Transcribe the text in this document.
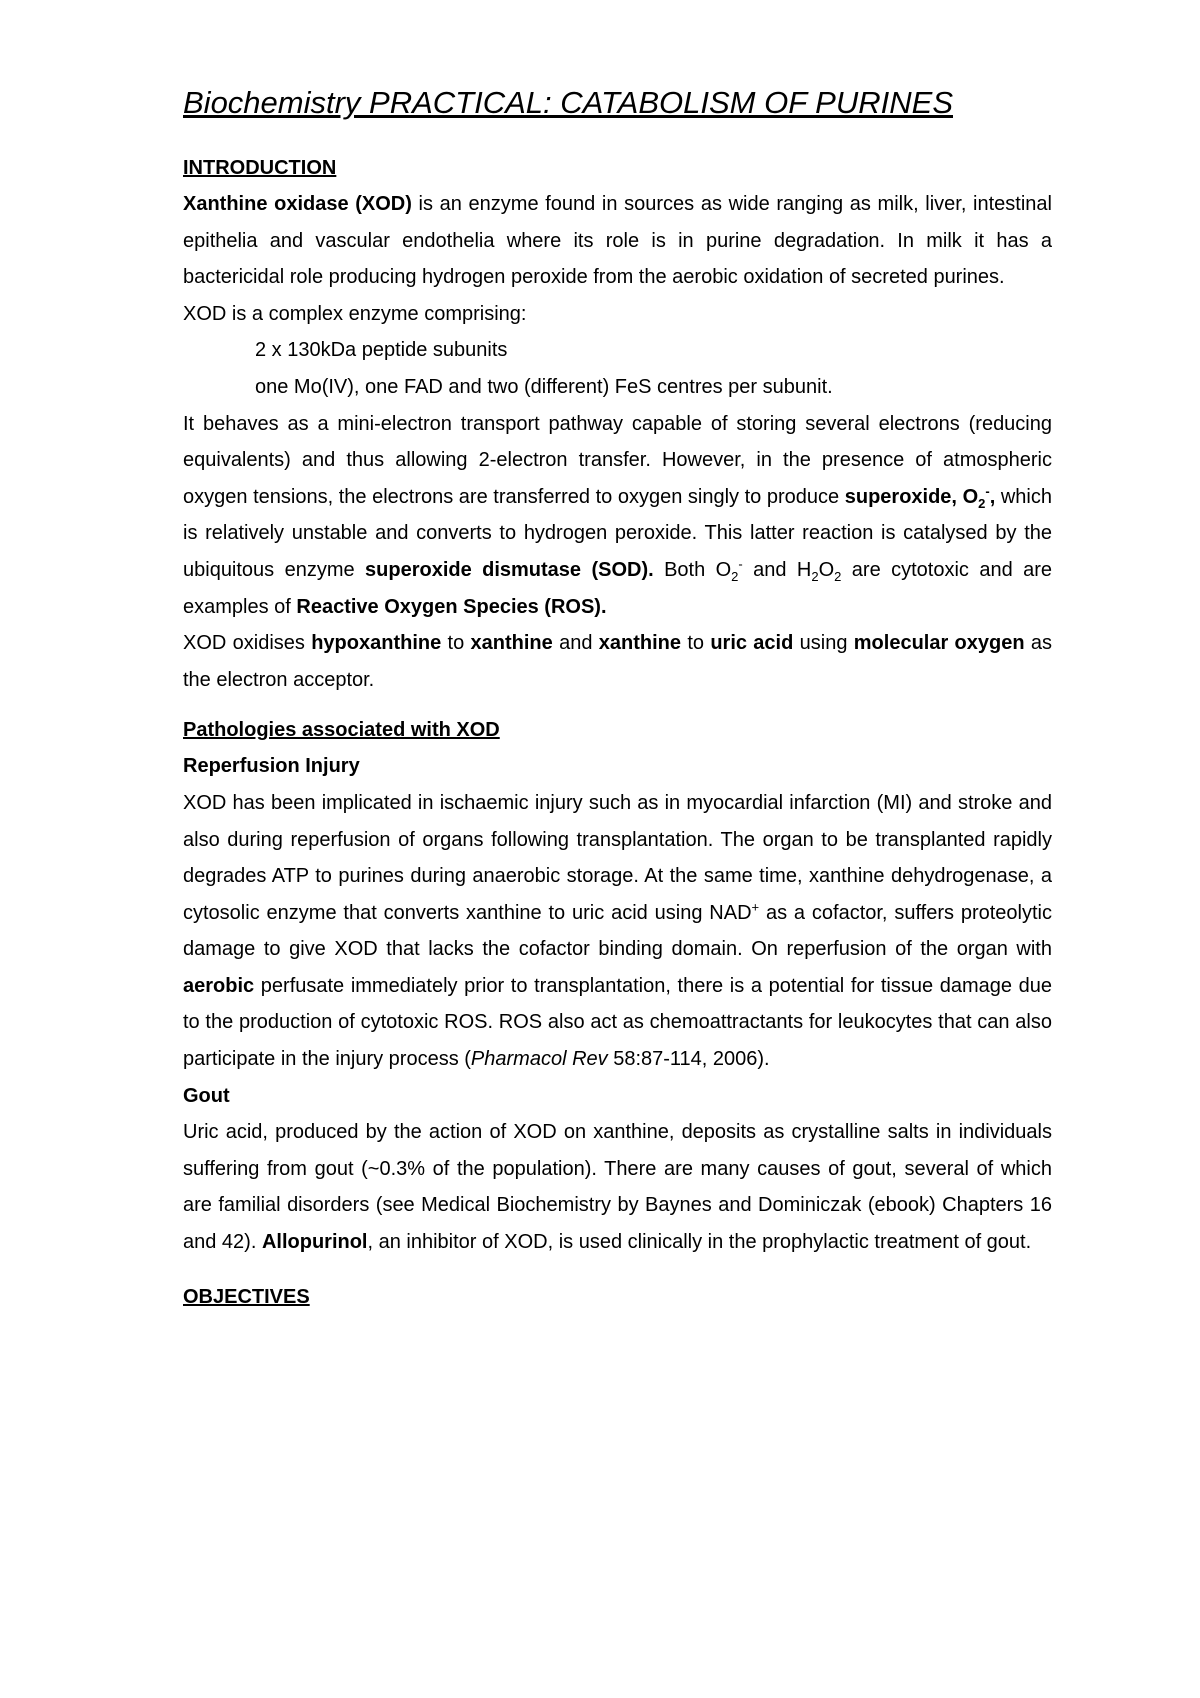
Biochemistry PRACTICAL: CATABOLISM OF PURINES
INTRODUCTION

Xanthine oxidase (XOD) is an enzyme found in sources as wide ranging as milk, liver, intestinal epithelia and vascular endothelia where its role is in purine degradation. In milk it has a bactericidal role producing hydrogen peroxide from the aerobic oxidation of secreted purines.

XOD is a complex enzyme comprising:

2 x 130kDa peptide subunits

one Mo(IV), one FAD and two (different) FeS centres per subunit.

It behaves as a mini-electron transport pathway capable of storing several electrons (reducing equivalents) and thus allowing 2-electron transfer. However, in the presence of atmospheric oxygen tensions, the electrons are transferred to oxygen singly to produce superoxide, $O_2^-$, which is relatively unstable and converts to hydrogen peroxide. This latter reaction is catalysed by the ubiquitous enzyme superoxide dismutase (SOD). Both $O_2^-$ and $H_2O_2$ are cytotoxic and are examples of Reactive Oxygen Species (ROS).

XOD oxidises hypoxanthine to xanthine and xanthine to uric acid using molecular oxygen as the electron acceptor.

Pathologies associated with XOD
Reperfusion Injury

XOD has been implicated in ischaemic injury such as in myocardial infarction (MI) and stroke and also during reperfusion of organs following transplantation. The organ to be transplanted rapidly degrades ATP to purines during anaerobic storage. At the same time, xanthine dehydrogenase, a cytosolic enzyme that converts xanthine to uric acid using NAD+ as a cofactor, suffers proteolytic damage to give XOD that lacks the cofactor binding domain. On reperfusion of the organ with aerobic perfusate immediately prior to transplantation, there is a potential for tissue damage due to the production of cytotoxic ROS. ROS also act as chemoattractants for leukocytes that can also participate in the injury process (Pharmacol Rev 58:87-114, 2006).

Gout

Uric acid, produced by the action of XOD on xanthine, deposits as crystalline salts in individuals suffering from gout (~0.3% of the population). There are many causes of gout, several of which are familial disorders (see Medical Biochemistry by Baynes and Dominiczak (ebook) Chapters 16 and 42). Allopurinol, an inhibitor of XOD, is used clinically in the prophylactic treatment of gout.

OBJECTIVES
